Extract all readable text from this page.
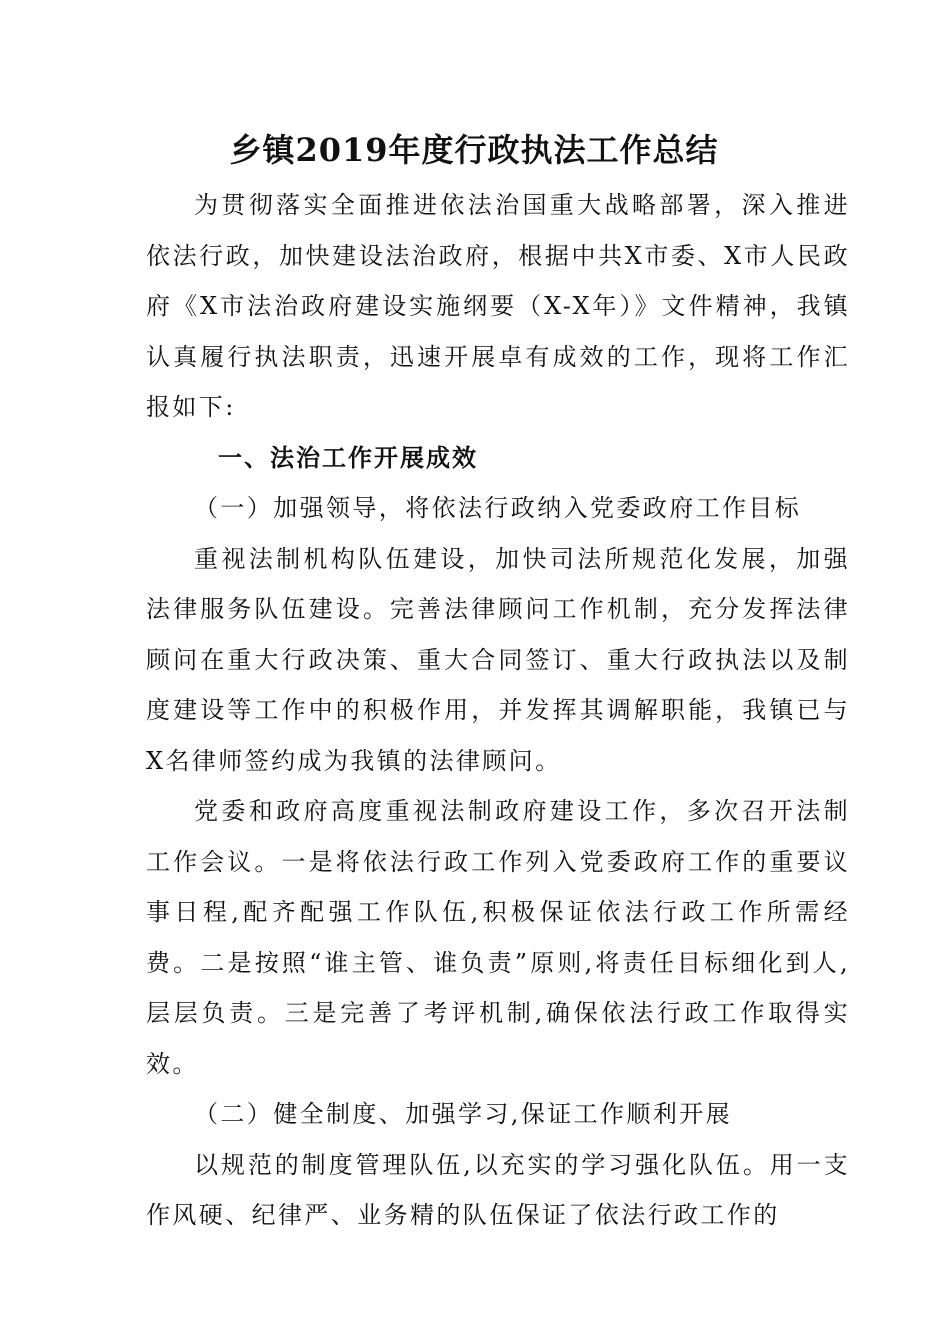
乡镇2019年度行政执法工作总结

为贯彻落实全面推进依法治国重大战略部署，深入推进依法行政，加快建设法治政府，根据中共X市委、X市人民政府《X市法治政府建设实施纲要（X-X年）》文件精神，我镇认真履行执法职责，迅速开展卓有成效的工作，现将工作汇报如下:

一、法治工作开展成效

（一）加强领导，将依法行政纳入党委政府工作目标

重视法制机构队伍建设，加快司法所规范化发展，加强法律服务队伍建设。完善法律顾问工作机制，充分发挥法律顾问在重大行政决策、重大合同签订、重大行政执法以及制度建设等工作中的积极作用，并发挥其调解职能，我镇已与X名律师签约成为我镇的法律顾问。

党委和政府高度重视法制政府建设工作，多次召开法制工作会议。一是将依法行政工作列入党委政府工作的重要议事日程,配齐配强工作队伍,积极保证依法行政工作所需经费。二是按照“谁主管、谁负责”原则,将责任目标细化到人,层层负责。三是完善了考评机制,确保依法行政工作取得实效。

（二）健全制度、加强学习,保证工作顺利开展

以规范的制度管理队伍,以充实的学习强化队伍。用一支作风硬、纪律严、业务精的队伍保证了依法行政工作的
